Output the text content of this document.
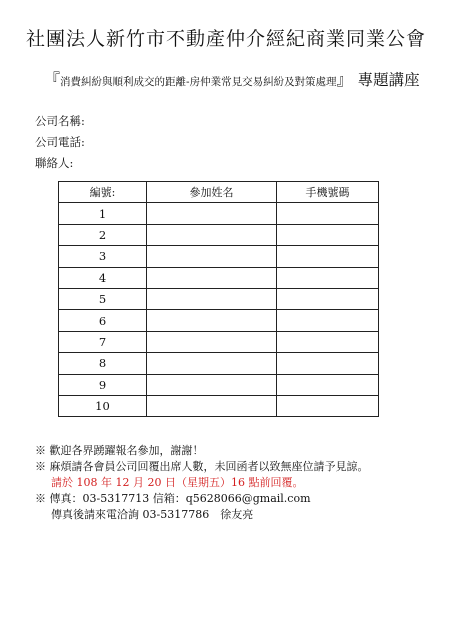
社團法人新竹市不動產仲介經紀商業同業公會
『消費糾紛與順利成交的距離-房仲業常見交易糾紛及對策處理』 專題講座
公司名稱:
公司電話:
聯絡人:
編號:	參加姓名	手機號碼
1		
2		
3		
4		
5		
6		
7		
8		
9		
10		
※ 歡迎各界踴躍報名參加，謝謝！
※ 麻煩請各會員公司回覆出席人數，未回函者以致無座位請予見諒。
請於 108 年 12 月 20 日（星期五）16 點前回覆。
※ 傳真：03-5317713 信箱：q5628066@gmail.com
傳真後請來電洽詢 03-5317786　徐友亮
